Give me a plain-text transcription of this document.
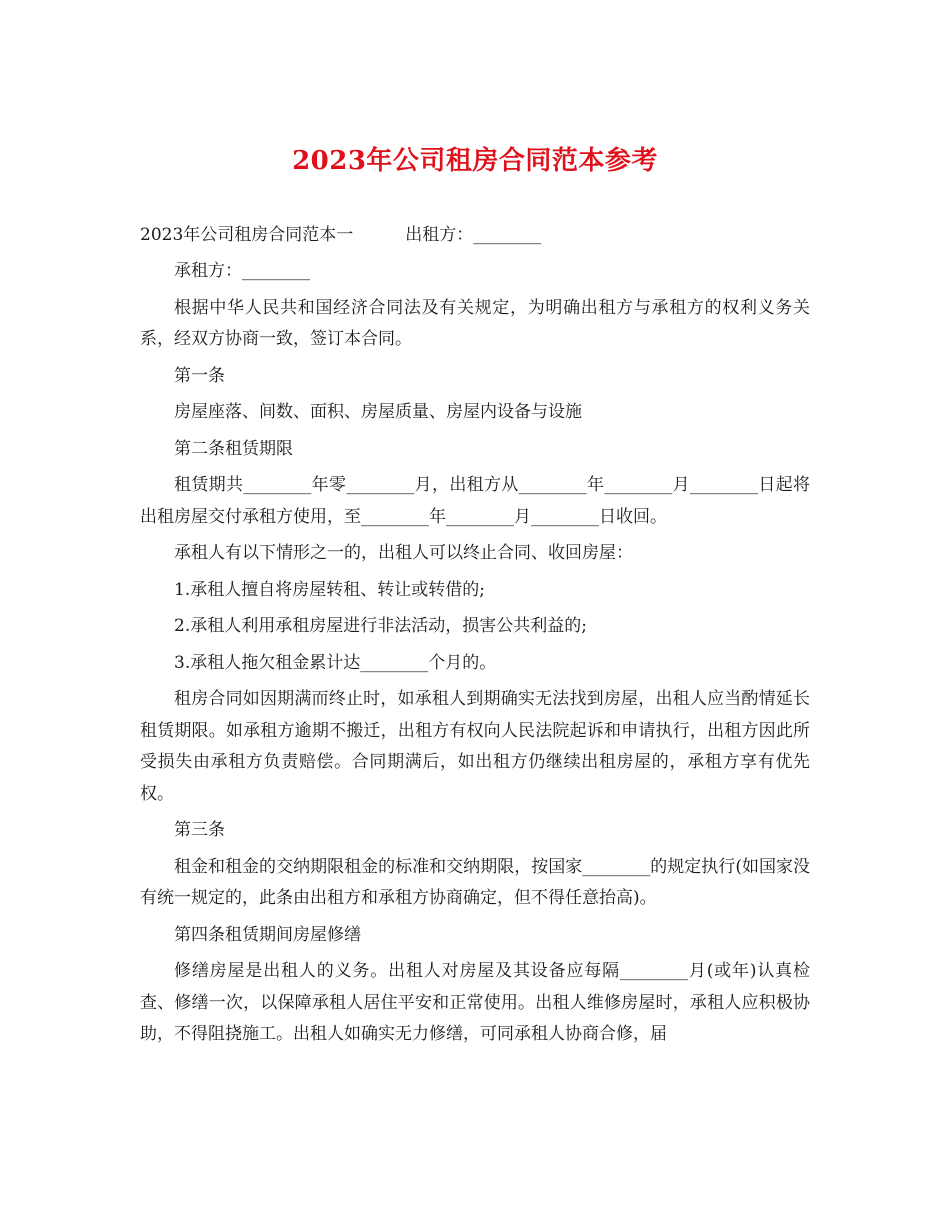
2023年公司租房合同范本参考

2023年公司租房合同范本一	出租方：________

承租方：________

根据中华人民共和国经济合同法及有关规定，为明确出租方与承租方的权利义务关系，经双方协商一致，签订本合同。

第一条

房屋座落、间数、面积、房屋质量、房屋内设备与设施

第二条租赁期限

租赁期共________年零________月，出租方从________年________月________日起将出租房屋交付承租方使用，至________年________月________日收回。

承租人有以下情形之一的，出租人可以终止合同、收回房屋：

1.承租人擅自将房屋转租、转让或转借的;

2.承租人利用承租房屋进行非法活动，损害公共利益的;

3.承租人拖欠租金累计达________个月的。

租房合同如因期满而终止时，如承租人到期确实无法找到房屋，出租人应当酌情延长租赁期限。如承租方逾期不搬迁，出租方有权向人民法院起诉和申请执行，出租方因此所受损失由承租方负责赔偿。合同期满后，如出租方仍继续出租房屋的，承租方享有优先权。

第三条

租金和租金的交纳期限租金的标准和交纳期限，按国家________的规定执行(如国家没有统一规定的，此条由出租方和承租方协商确定，但不得任意抬高)。

第四条租赁期间房屋修缮

修缮房屋是出租人的义务。出租人对房屋及其设备应每隔________月(或年)认真检查、修缮一次，以保障承租人居住平安和正常使用。出租人维修房屋时，承租人应积极协助，不得阻挠施工。出租人如确实无力修缮，可同承租人协商合修，届
